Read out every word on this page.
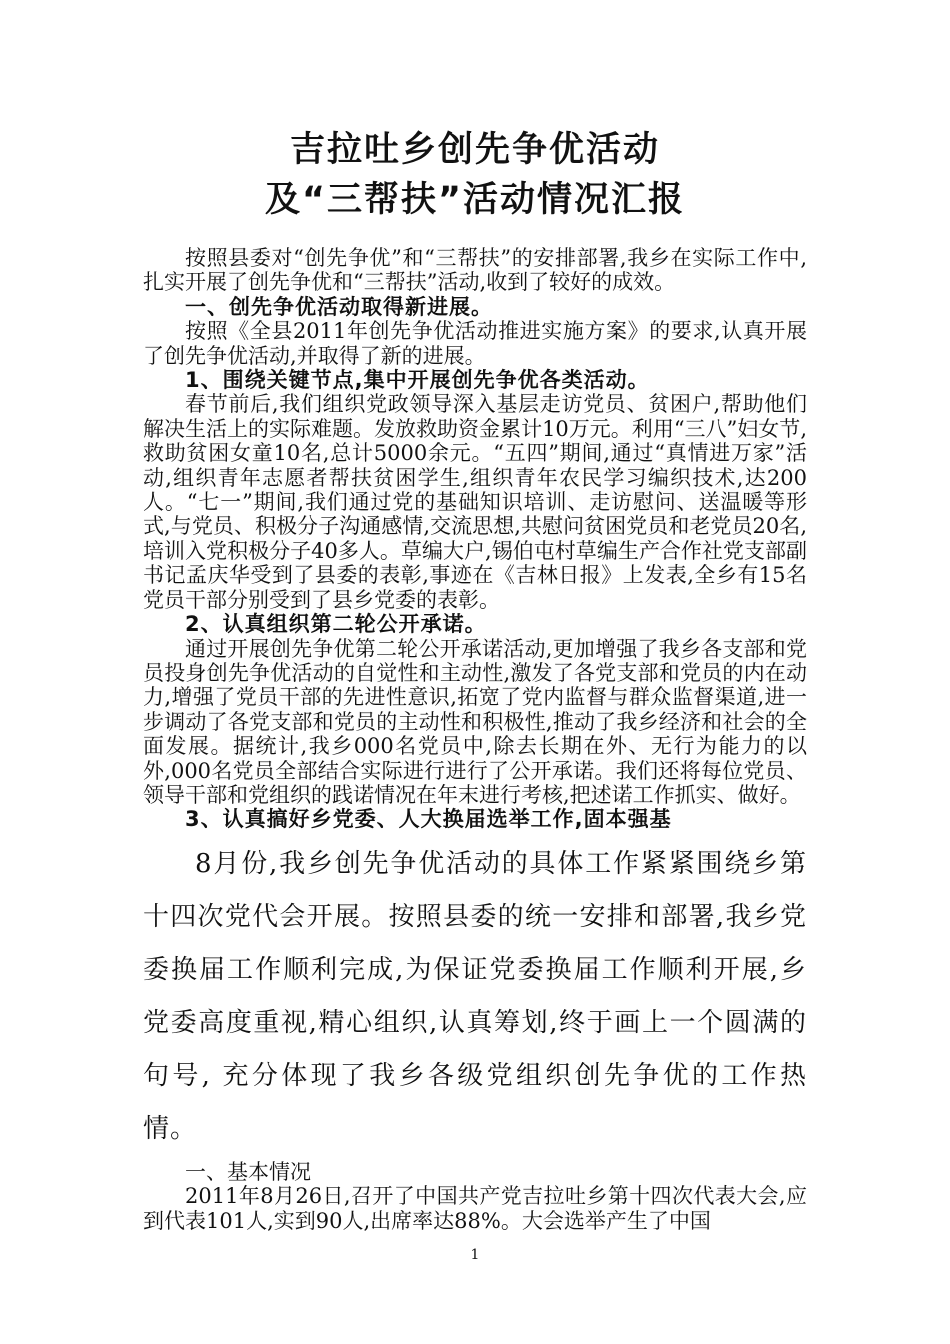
吉拉吐乡创先争优活动
及“三帮扶”活动情况汇报

按照县委对“创先争优”和“三帮扶”的安排部署,我乡在实际工作中,扎实开展了创先争优和“三帮扶”活动,收到了较好的成效。

一、创先争优活动取得新进展。

按照《全县2011年创先争优活动推进实施方案》的要求,认真开展了创先争优活动,并取得了新的进展。

1、围绕关键节点,集中开展创先争优各类活动。

春节前后,我们组织党政领导深入基层走访党员、贫困户,帮助他们解决生活上的实际难题。发放救助资金累计10万元。利用“三八”妇女节,救助贫困女童10名,总计5000余元。“五四”期间,通过“真情进万家”活动,组织青年志愿者帮扶贫困学生,组织青年农民学习编织技术,达200人。“七一”期间,我们通过党的基础知识培训、走访慰问、送温暖等形式,与党员、积极分子沟通感情,交流思想,共慰问贫困党员和老党员20名,培训入党积极分子40多人。草编大户,锡伯屯村草编生产合作社党支部副书记孟庆华受到了县委的表彰,事迹在《吉林日报》上发表,全乡有15名党员干部分别受到了县乡党委的表彰。

2、认真组织第二轮公开承诺。

通过开展创先争优第二轮公开承诺活动,更加增强了我乡各支部和党员投身创先争优活动的自觉性和主动性,激发了各党支部和党员的内在动力,增强了党员干部的先进性意识,拓宽了党内监督与群众监督渠道,进一步调动了各党支部和党员的主动性和积极性,推动了我乡经济和社会的全面发展。据统计,我乡000名党员中,除去长期在外、无行为能力的以外,000名党员全部结合实际进行进行了公开承诺。我们还将每位党员、领导干部和党组织的践诺情况在年末进行考核,把述诺工作抓实、做好。

3、认真搞好乡党委、人大换届选举工作,固本强基

8月份,我乡创先争优活动的具体工作紧紧围绕乡第十四次党代会开展。按照县委的统一安排和部署,我乡党委换届工作顺利完成,为保证党委换届工作顺利开展,乡党委高度重视,精心组织,认真筹划,终于画上一个圆满的句号, 充分体现了我乡各级党组织创先争优的工作热情。

一、基本情况

2011年8月26日,召开了中国共产党吉拉吐乡第十四次代表大会,应到代表101人,实到90人,出席率达88%。大会选举产生了中国

1
